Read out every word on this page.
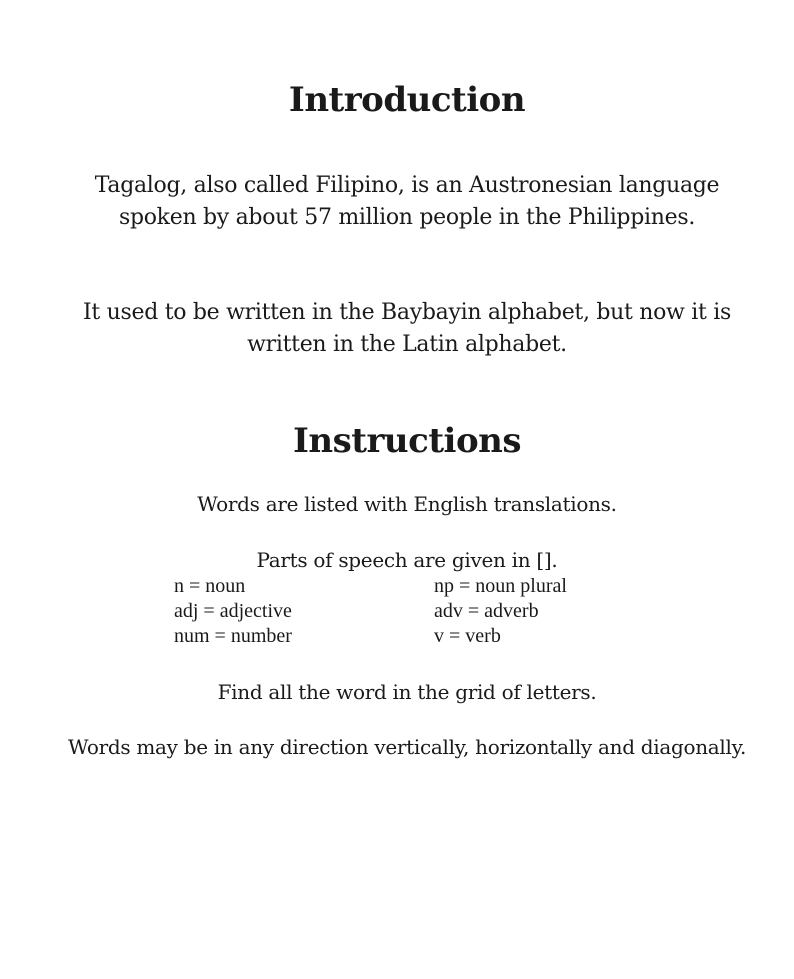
Introduction

Tagalog, also called Filipino, is an Austronesian language spoken by about 57 million people in the Philippines.

It used to be written in the Baybayin alphabet, but now it is written in the Latin alphabet.

Instructions

Words are listed with English translations.

Parts of speech are given in [].

n = noun	np = noun plural

adj = adjective	adv = adverb

num = number	v = verb

Find all the word in the grid of letters.

Words may be in any direction vertically, horizontally and diagonally.
